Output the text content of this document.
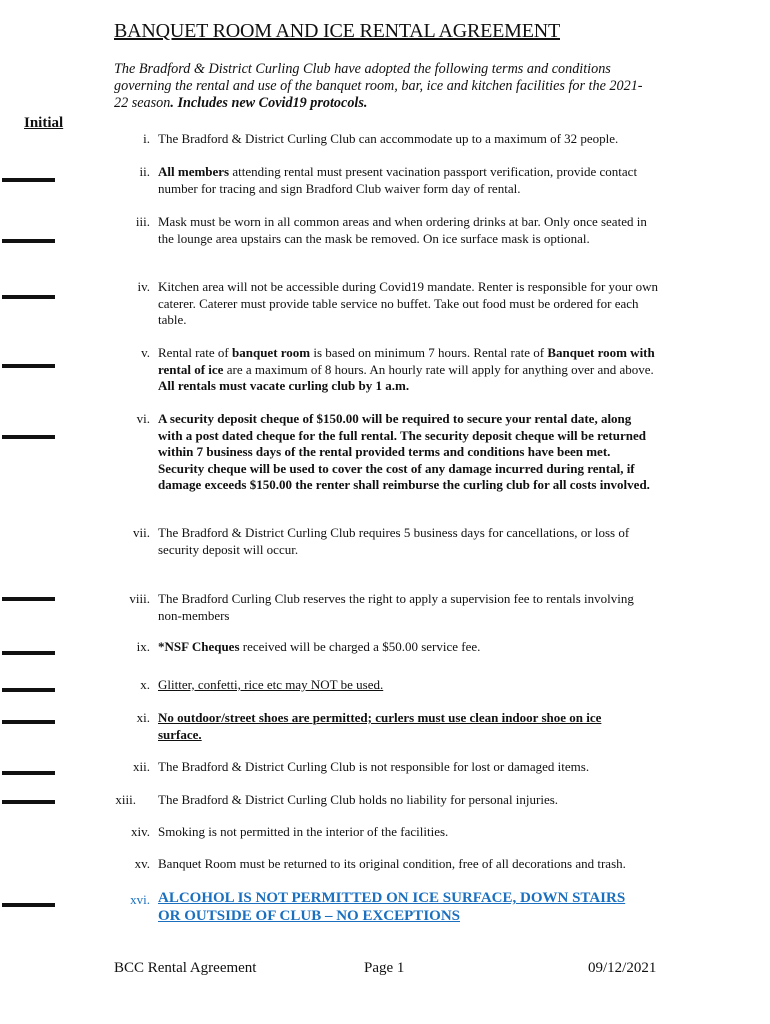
BANQUET ROOM AND ICE RENTAL AGREEMENT
The Bradford & District Curling Club have adopted the following terms and conditions governing the rental and use of the banquet room, bar, ice and kitchen facilities for the 2021-22 season. Includes new Covid19 protocols.
Initial
i. The Bradford & District Curling Club can accommodate up to a maximum of 32 people.
ii. All members attending rental must present vacination passport verification, provide contact number for tracing and sign Bradford Club waiver form day of rental.
iii. Mask must be worn in all common areas and when ordering drinks at bar. Only once seated in the lounge area upstairs can the mask be removed. On ice surface mask is optional.
iv. Kitchen area will not be accessible during Covid19 mandate. Renter is responsible for your own caterer. Caterer must provide table service no buffet. Take out food must be ordered for each table.
v. Rental rate of banquet room is based on minimum 7 hours. Rental rate of Banquet room with rental of ice are a maximum of 8 hours. An hourly rate will apply for anything over and above. All rentals must vacate curling club by 1 a.m.
vi. A security deposit cheque of $150.00 will be required to secure your rental date, along with a post dated cheque for the full rental. The security deposit cheque will be returned within 7 business days of the rental provided terms and conditions have been met. Security cheque will be used to cover the cost of any damage incurred during rental, if damage exceeds $150.00 the renter shall reimburse the curling club for all costs involved.
vii. The Bradford & District Curling Club requires 5 business days for cancellations, or loss of security deposit will occur.
viii. The Bradford Curling Club reserves the right to apply a supervision fee to rentals involving non-members
ix. *NSF Cheques received will be charged a $50.00 service fee.
x. Glitter, confetti, rice etc may NOT be used.
xi. No outdoor/street shoes are permitted; curlers must use clean indoor shoe on ice surface.
xii. The Bradford & District Curling Club is not responsible for lost or damaged items.
xiii. The Bradford & District Curling Club holds no liability for personal injuries.
xiv. Smoking is not permitted in the interior of the facilities.
xv. Banquet Room must be returned to its original condition, free of all decorations and trash.
xvi. ALCOHOL IS NOT PERMITTED ON ICE SURFACE, DOWN STAIRS OR OUTSIDE OF CLUB – NO EXCEPTIONS
BCC Rental Agreement	Page 1	09/12/2021
